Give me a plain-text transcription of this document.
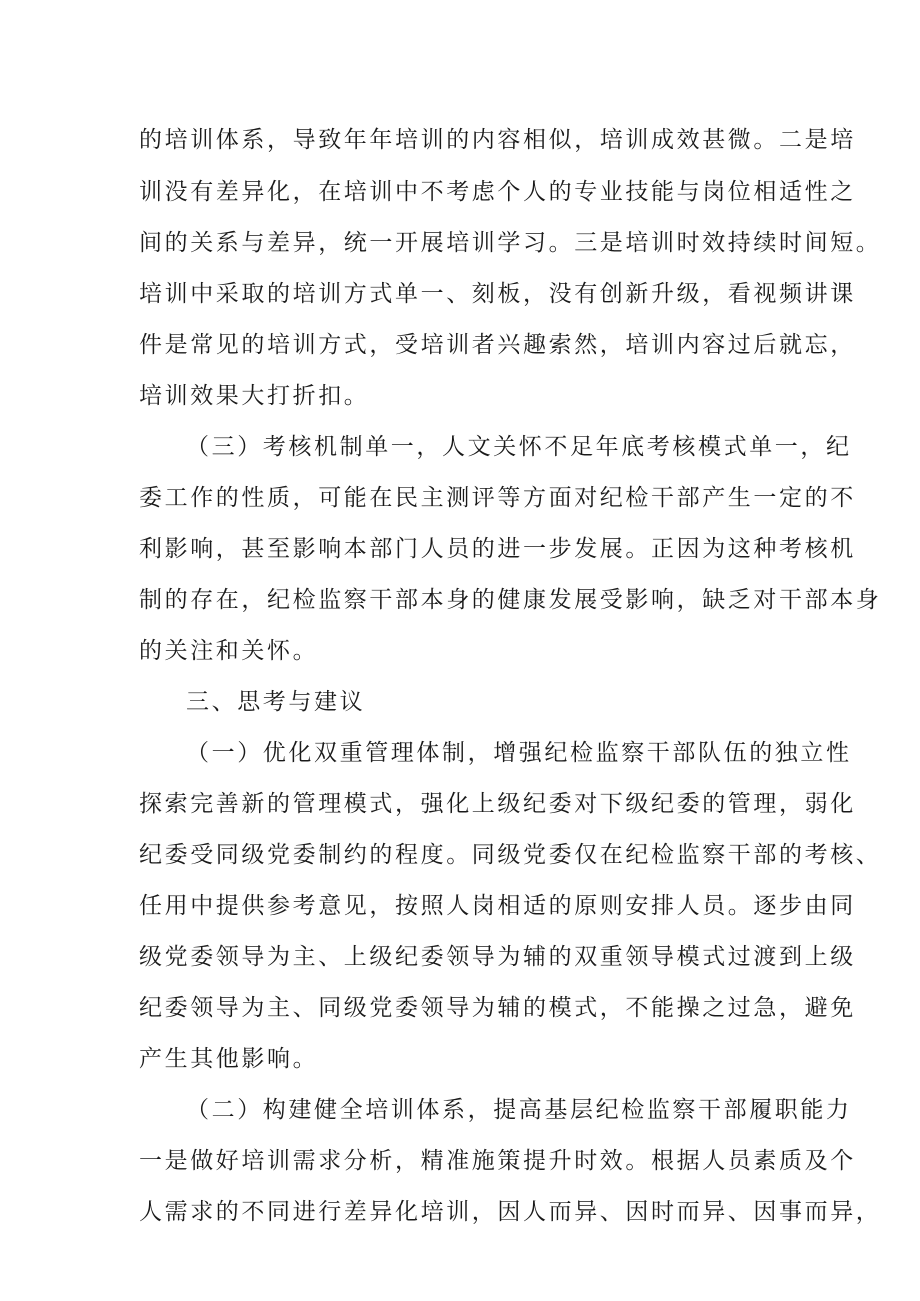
的培训体系，导致年年培训的内容相似，培训成效甚微。二是培
训没有差异化，在培训中不考虑个人的专业技能与岗位相适性之
间的关系与差异，统一开展培训学习。三是培训时效持续时间短。
培训中采取的培训方式单一、刻板，没有创新升级，看视频讲课
件是常见的培训方式，受培训者兴趣索然，培训内容过后就忘，
培训效果大打折扣。
（三）考核机制单一，人文关怀不足年底考核模式单一，纪
委工作的性质，可能在民主测评等方面对纪检干部产生一定的不
利影响，甚至影响本部门人员的进一步发展。正因为这种考核机
制的存在，纪检监察干部本身的健康发展受影响，缺乏对干部本身
的关注和关怀。
三、思考与建议
（一）优化双重管理体制，增强纪检监察干部队伍的独立性
探索完善新的管理模式，强化上级纪委对下级纪委的管理，弱化
纪委受同级党委制约的程度。同级党委仅在纪检监察干部的考核、
任用中提供参考意见，按照人岗相适的原则安排人员。逐步由同
级党委领导为主、上级纪委领导为辅的双重领导模式过渡到上级
纪委领导为主、同级党委领导为辅的模式，不能操之过急，避免
产生其他影响。
（二）构建健全培训体系，提高基层纪检监察干部履职能力
一是做好培训需求分析，精准施策提升时效。根据人员素质及个
人需求的不同进行差异化培训，因人而异、因时而异、因事而异，
